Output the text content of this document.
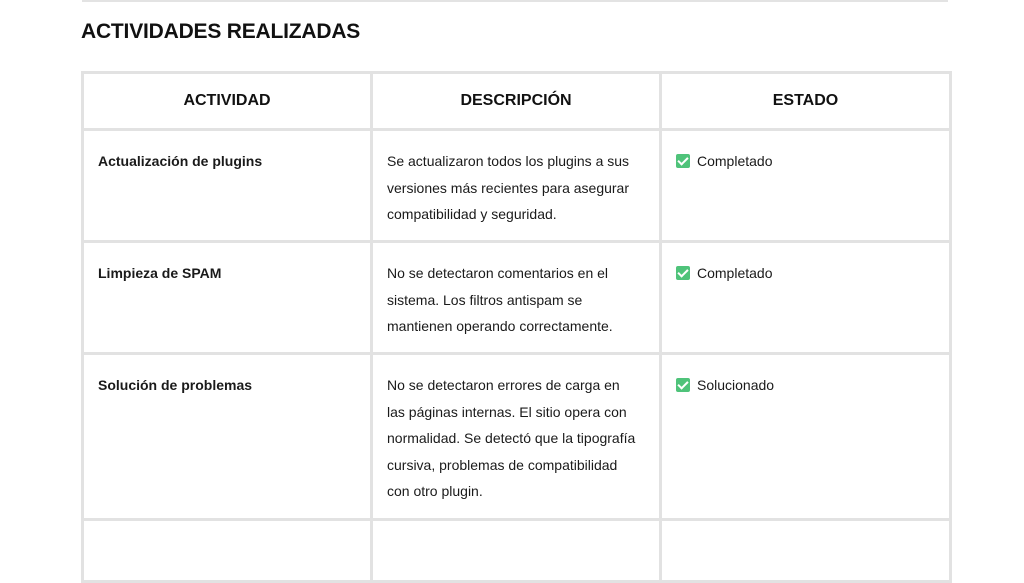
ACTIVIDADES REALIZADAS
ACTIVIDAD	DESCRIPCIÓN	ESTADO
Actualización de plugins	Se actualizaron todos los plugins a sus versiones más recientes para asegurar compatibilidad y seguridad.	Completado

Limpieza de SPAM	No se detectaron comentarios en el sistema. Los filtros antispam se mantienen operando correctamente.	Completado

Solución de problemas	No se detectaron errores de carga en las páginas internas. El sitio opera con normalidad. Se detectó que la tipografía cursiva, problemas de compatibilidad con otro plugin.	Solucionado
